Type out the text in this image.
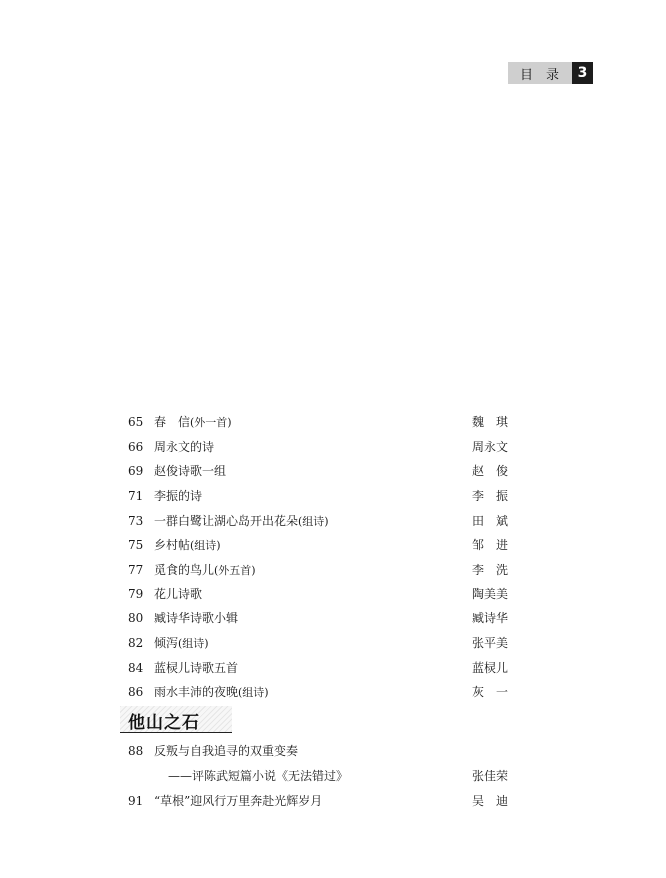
目 录	3
65 春　信(外一首)	魏　琪
66 周永文的诗	周永文
69 赵俊诗歌一组	赵　俊
71 李振的诗	李　振
73 一群白鹭让湖心岛开出花朵(组诗)	田　斌
75 乡村帖(组诗)	邹　进
77 觅食的鸟儿(外五首)	李　洗
79 花儿诗歌	陶美美
80 臧诗华诗歌小辑	臧诗华
82 倾泻(组诗)	张平美
84 蓝棂儿诗歌五首	蓝棂儿
86 雨水丰沛的夜晚(组诗)	灰　一
他山之石
88 反叛与自我追寻的双重变奏
——评陈武短篇小说《无法错过》	张佳荣
91 “草根”迎风行万里奔赴光辉岁月	吴　迪
